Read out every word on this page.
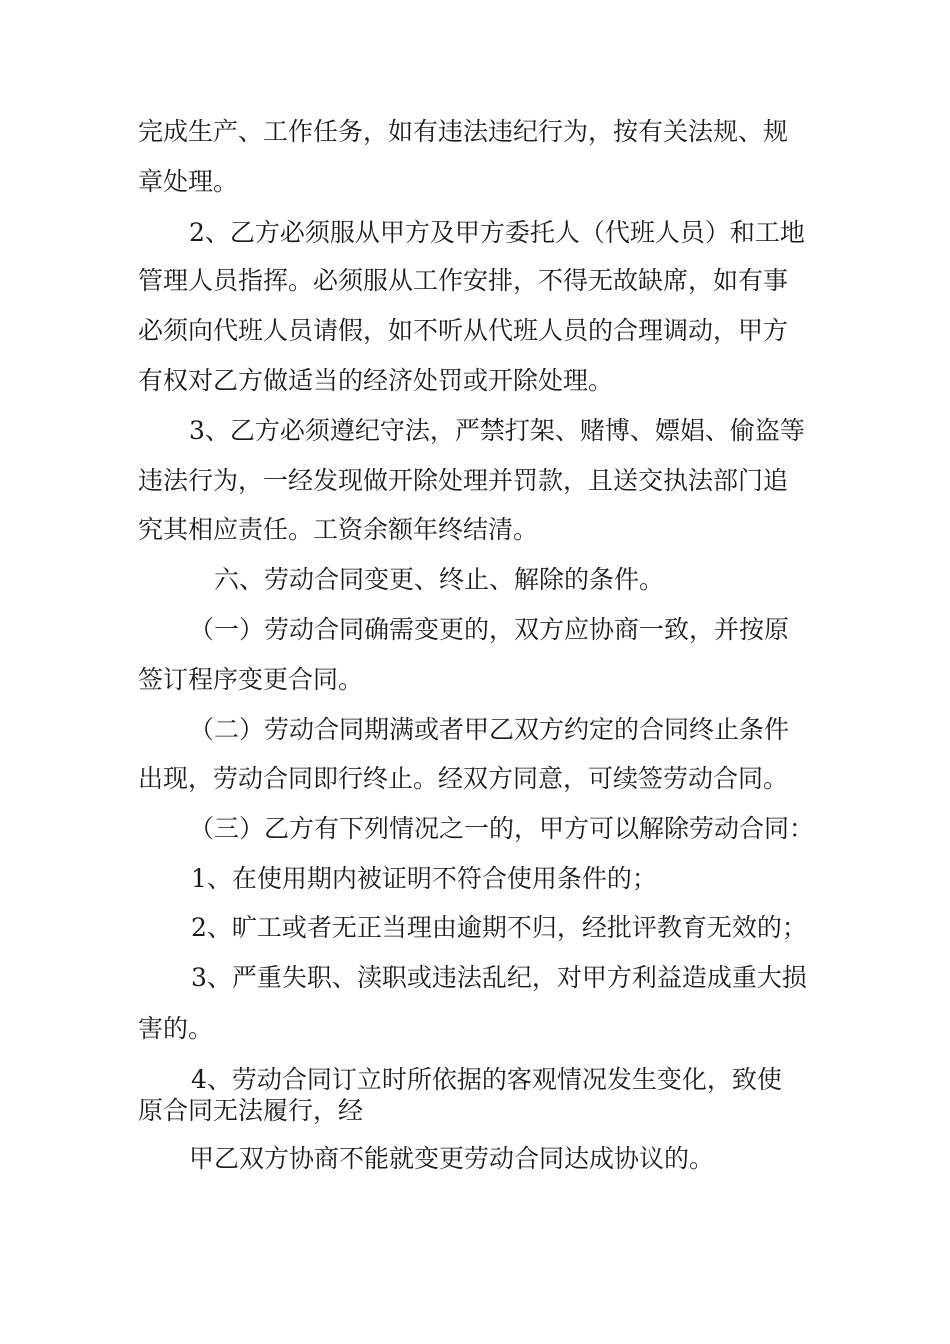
完成生产、工作任务，如有违法违纪行为，按有关法规、规

章处理。

2、乙方必须服从甲方及甲方委托人（代班人员）和工地

管理人员指挥。必须服从工作安排，不得无故缺席，如有事

必须向代班人员请假，如不听从代班人员的合理调动，甲方

有权对乙方做适当的经济处罚或开除处理。

3、乙方必须遵纪守法，严禁打架、赌博、嫖娼、偷盗等

违法行为，一经发现做开除处理并罚款，且送交执法部门追

究其相应责任。工资余额年终结清。

六、劳动合同变更、终止、解除的条件。

（一）劳动合同确需变更的，双方应协商一致，并按原

签订程序变更合同。

（二）劳动合同期满或者甲乙双方约定的合同终止条件

出现，劳动合同即行终止。经双方同意，可续签劳动合同。

（三）乙方有下列情况之一的，甲方可以解除劳动合同：

1、在使用期内被证明不符合使用条件的；

2、旷工或者无正当理由逾期不归，经批评教育无效的；

3、严重失职、渎职或违法乱纪，对甲方利益造成重大损

害的。

4、劳动合同订立时所依据的客观情况发生变化，致使

原合同无法履行，经

甲乙双方协商不能就变更劳动合同达成协议的。
